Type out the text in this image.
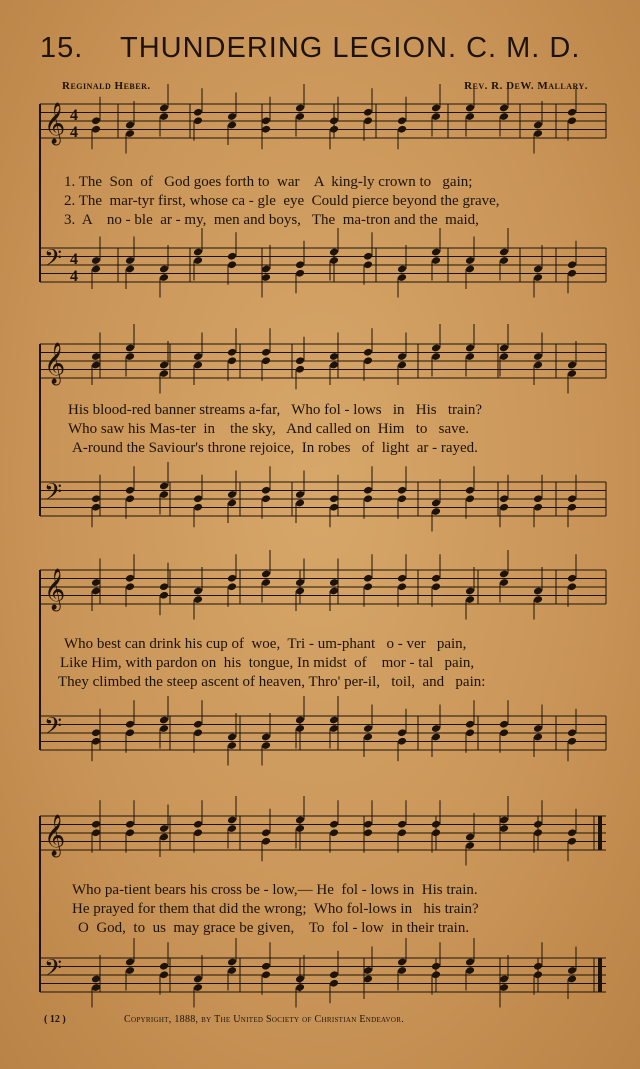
15. THUNDERING LEGION. C. M. D.
Reginald Heber.	Rev. R. DeW. Mallary.
𝄞
𝄢
4
4
4
4
1. The  Son  of   God goes forth to  war    A  king-ly crown to   gain;
2. The  mar-tyr first, whose ca - gle  eye  Could pierce beyond the grave,
3.  A    no - ble  ar - my,  men and boys,   The  ma-tron and the  maid,
𝄞
𝄢
His blood-red banner streams a-far,   Who fol - lows   in   His   train?
Who saw his Mas-ter  in    the sky,   And called on  Him   to   save.
A-round the Saviour's throne rejoice,  In robes   of  light  ar - rayed.
𝄞
𝄢
Who best can drink his cup of  woe,  Tri - um-phant   o - ver   pain,
Like Him, with pardon on  his  tongue, In midst  of    mor - tal   pain,
They climbed the steep ascent of heaven, Thro' per-il,   toil,  and   pain:
𝄞
𝄢
Who pa-tient bears his cross be - low,— He  fol - lows in  His train.
He prayed for them that did the wrong;  Who fol-lows in   his train?
O  God,  to  us  may grace be given,    To  fol - low  in their train.
( 12 )	Copyright, 1888, by The United Society of Christian Endeavor.
